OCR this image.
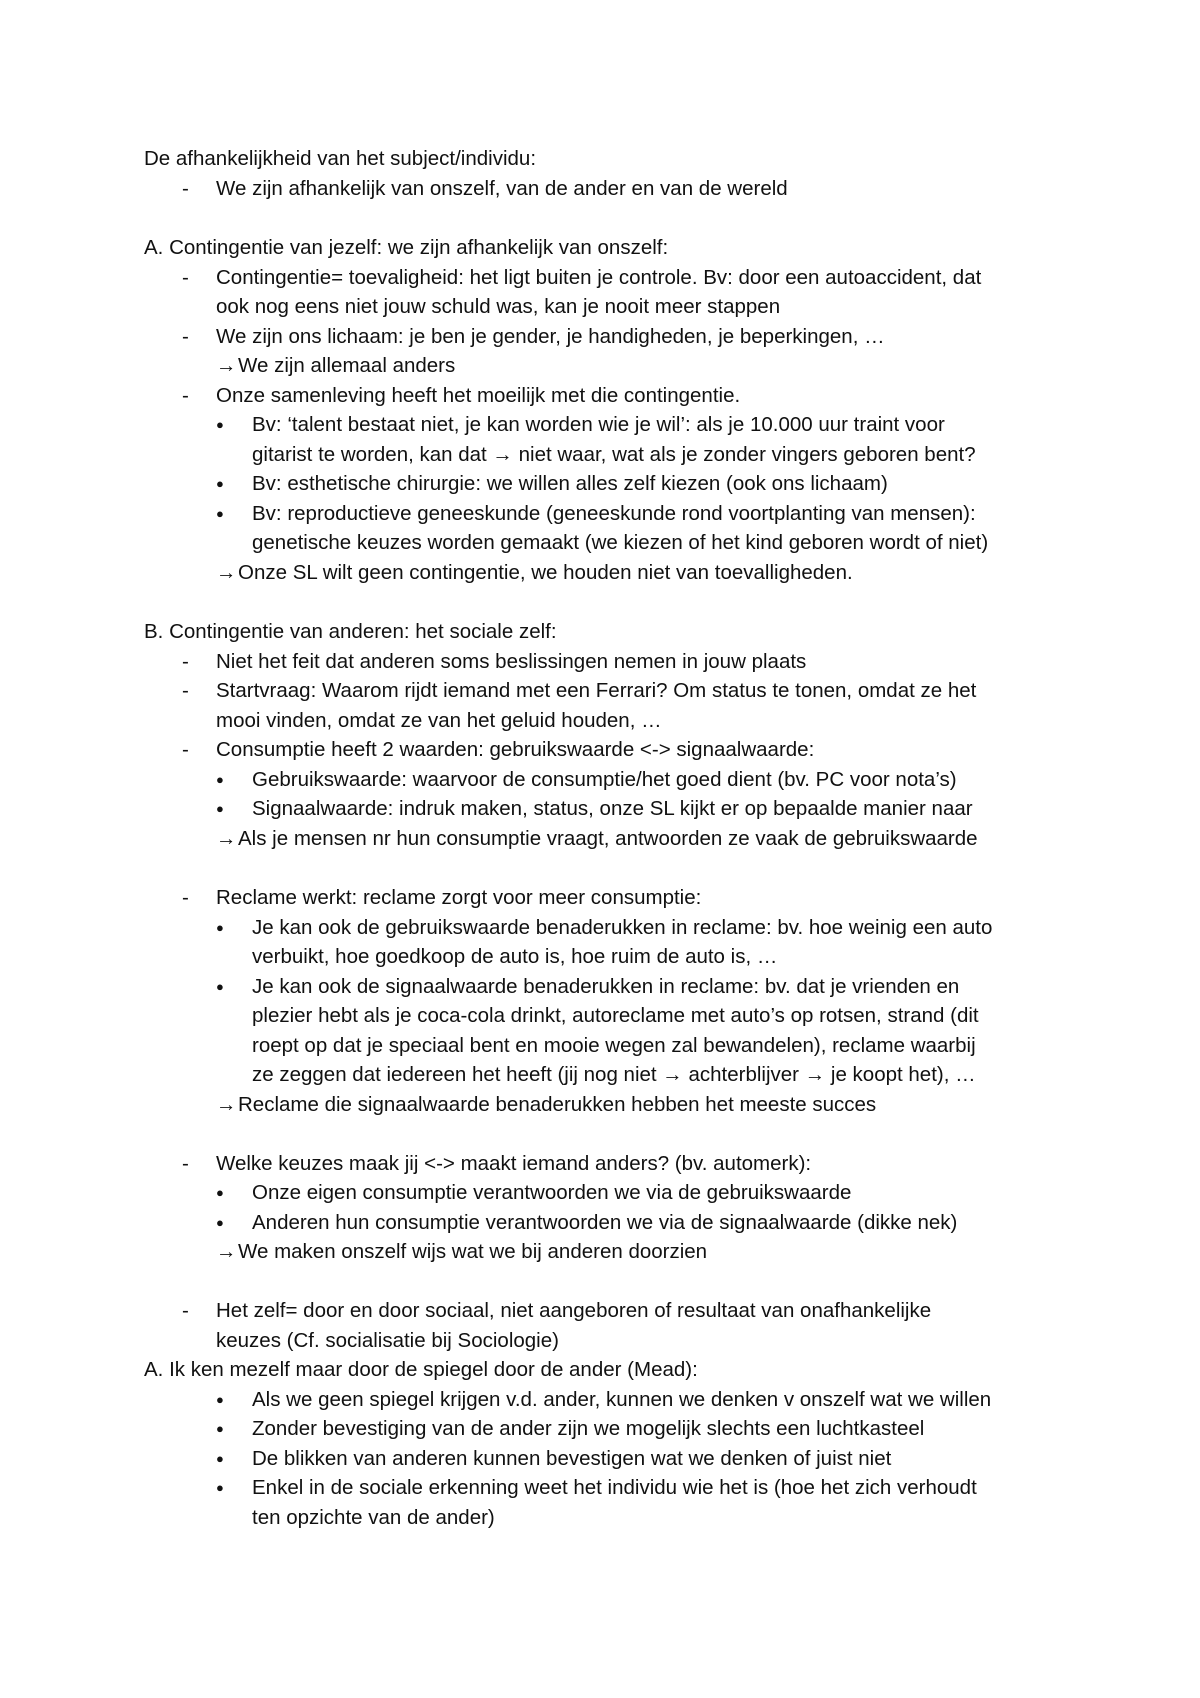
De afhankelijkheid van het subject/individu:
-	We zijn afhankelijk van onszelf, van de ander en van de wereld
A. Contingentie van jezelf: we zijn afhankelijk van onszelf:
-	Contingentie= toevaligheid: het ligt buiten je controle. Bv: door een autoaccident, dat
ook nog eens niet jouw schuld was, kan je nooit meer stappen
-	We zijn ons lichaam: je ben je gender, je handigheden, je beperkingen, …
→ We zijn allemaal anders
-	Onze samenleving heeft het moeilijk met die contingentie.
● Bv: ‘talent bestaat niet, je kan worden wie je wil’: als je 10.000 uur traint voor
gitarist te worden, kan dat → niet waar, wat als je zonder vingers geboren bent?
● Bv: esthetische chirurgie: we willen alles zelf kiezen (ook ons lichaam)
● Bv: reproductieve geneeskunde (geneeskunde rond voortplanting van mensen):
genetische keuzes worden gemaakt (we kiezen of het kind geboren wordt of niet)
→ Onze SL wilt geen contingentie, we houden niet van toevalligheden.
B. Contingentie van anderen: het sociale zelf:
-	Niet het feit dat anderen soms beslissingen nemen in jouw plaats
-	Startvraag: Waarom rijdt iemand met een Ferrari? Om status te tonen, omdat ze het
mooi vinden, omdat ze van het geluid houden, …
-	Consumptie heeft 2 waarden: gebruikswaarde <-> signaalwaarde:
● Gebruikswaarde: waarvoor de consumptie/het goed dient (bv. PC voor nota’s)
● Signaalwaarde: indruk maken, status, onze SL kijkt er op bepaalde manier naar
→ Als je mensen nr hun consumptie vraagt, antwoorden ze vaak de gebruikswaarde
-	Reclame werkt: reclame zorgt voor meer consumptie:
● Je kan ook de gebruikswaarde benaderukken in reclame: bv. hoe weinig een auto
verbuikt, hoe goedkoop de auto is, hoe ruim de auto is, …
● Je kan ook de signaalwaarde benaderukken in reclame: bv. dat je vrienden en
plezier hebt als je coca-cola drinkt, autoreclame met auto’s op rotsen, strand (dit
roept op dat je speciaal bent en mooie wegen zal bewandelen), reclame waarbij
ze zeggen dat iedereen het heeft (jij nog niet → achterblijver → je koopt het), …
→ Reclame die signaalwaarde benaderukken hebben het meeste succes
-	Welke keuzes maak jij <-> maakt iemand anders? (bv. automerk):
● Onze eigen consumptie verantwoorden we via de gebruikswaarde
● Anderen hun consumptie verantwoorden we via de signaalwaarde (dikke nek)
→ We maken onszelf wijs wat we bij anderen doorzien
-	Het zelf= door en door sociaal, niet aangeboren of resultaat van onafhankelijke
keuzes (Cf. socialisatie bij Sociologie)
A. Ik ken mezelf maar door de spiegel door de ander (Mead):
● Als we geen spiegel krijgen v.d. ander, kunnen we denken v onszelf wat we willen
● Zonder bevestiging van de ander zijn we mogelijk slechts een luchtkasteel
● De blikken van anderen kunnen bevestigen wat we denken of juist niet
● Enkel in de sociale erkenning weet het individu wie het is (hoe het zich verhoudt
ten opzichte van de ander)
